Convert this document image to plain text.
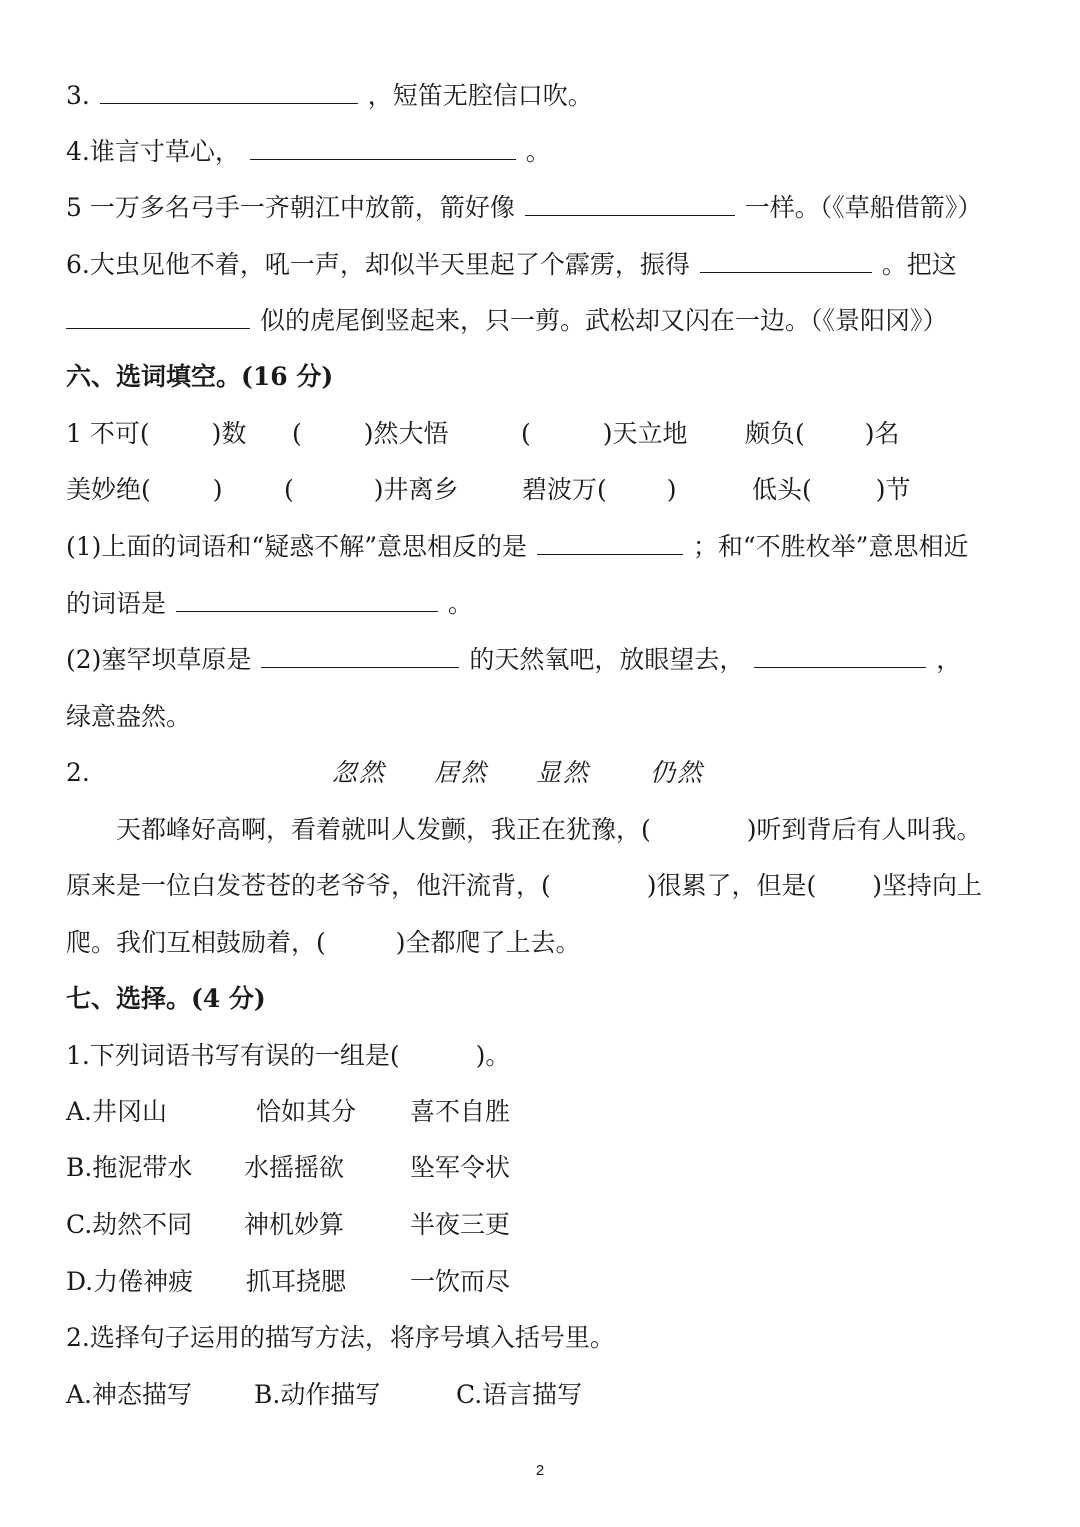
3.	，短笛无腔信口吹。
4.谁言寸草心，	。
5 一万多名弓手一齐朝江中放箭，箭好像	一样。（《草船借箭》）
6.大虫见他不着，吼一声，却似半天里起了个霹雳，振得	。把这
似的虎尾倒竖起来，只一剪。武松却又闪在一边。（《景阳冈》）
六、选词填空。(16 分)
1 不可( )数 ( )然大悟	(	)天立地 颇负( )名
美妙绝( ) (	)井离乡	碧波万( )	低头(	)节
(1)上面的词语和“疑惑不解”意思相反的是	；和“不胜枚举”意思相近
的词语是	。
(2)塞罕坝草原是	的天然氧吧，放眼望去，	，
绿意盎然。
2.	忽然 居然 显然 仍然
天都峰好高啊，看着就叫人发颤，我正在犹豫，(	)听到背后有人叫我。
原来是一位白发苍苍的老爷爷，他汗流背，(	)很累了，但是( )坚持向上
爬。我们互相鼓励着，(	)全都爬了上去。
七、选择。(4 分)
1.下列词语书写有误的一组是(	)。
A.井冈山	恰如其分 喜不自胜
B.拖泥带水 水摇摇欲	坠军令状
C.劫然不同 神机妙算	半夜三更
D.力倦神疲 抓耳挠腮	一饮而尽
2.选择句子运用的描写方法，将序号填入括号里。
A.神态描写 B.动作描写	C.语言描写
2
